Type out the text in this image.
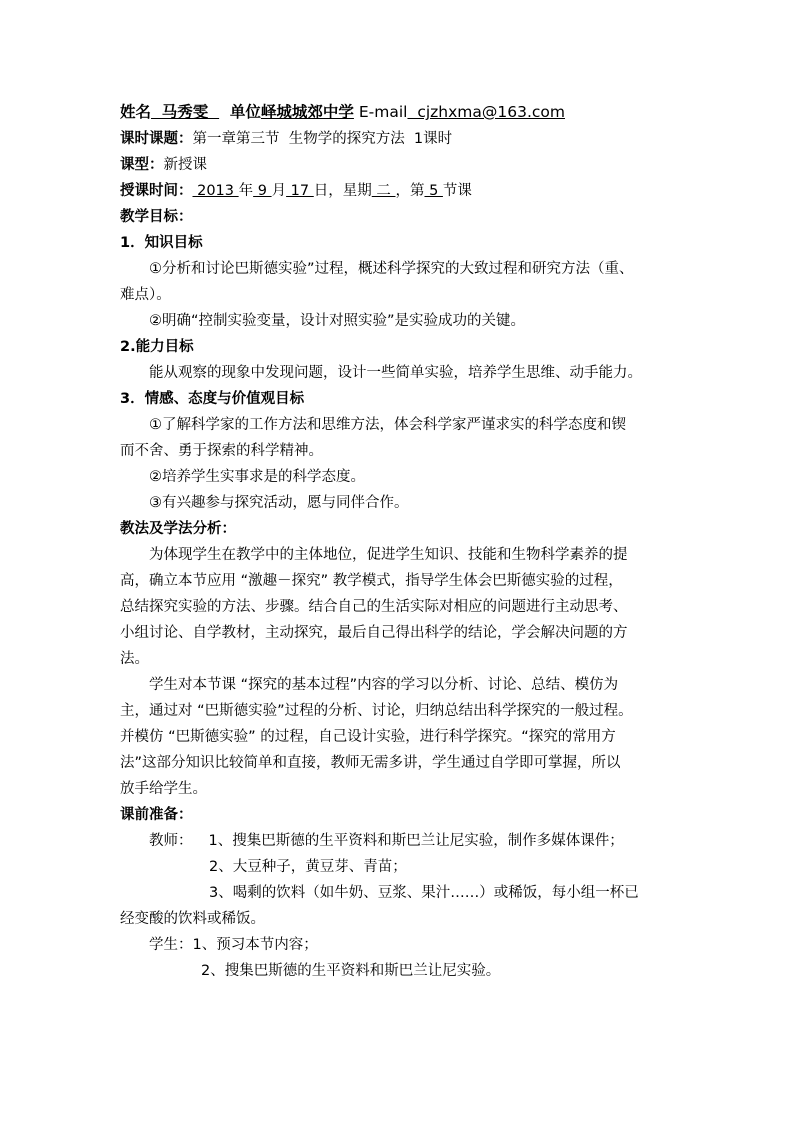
姓名  马秀雯    单位峄城城郊中学 E-mail  cjzhxma@163.com
课时课题：第一章第三节  生物学的探究方法  1课时
课型：新授课
授课时间： 2013 年 9 月 17 日，星期 二 ，第 5 节课
教学目标：
1．知识目标
①分析和讨论巴斯德实验”过程，概述科学探究的大致过程和研究方法（重、
难点）。
②明确“控制实验变量，设计对照实验”是实验成功的关键。
2.能力目标
能从观察的现象中发现问题，设计一些简单实验，培养学生思维、动手能力。
3．情感、态度与价值观目标
①了解科学家的工作方法和思维方法，体会科学家严谨求实的科学态度和锲
而不舍、勇于探索的科学精神。
②培养学生实事求是的科学态度。
③有兴趣参与探究活动，愿与同伴合作。
教法及学法分析：
为体现学生在教学中的主体地位，促进学生知识、技能和生物科学素养的提
高，确立本节应用 “激趣－探究” 教学模式，指导学生体会巴斯德实验的过程，
总结探究实验的方法、步骤。结合自己的生活实际对相应的问题进行主动思考、
小组讨论、自学教材，主动探究，最后自己得出科学的结论，学会解决问题的方
法。
学生对本节课 “探究的基本过程”内容的学习以分析、讨论、总结、模仿为
主，通过对 “巴斯德实验”过程的分析、讨论，归纳总结出科学探究的一般过程。
并模仿 “巴斯德实验” 的过程，自己设计实验，进行科学探究。“探究的常用方
法”这部分知识比较简单和直接，教师无需多讲，学生通过自学即可掌握，所以
放手给学生。
课前准备：
教师： 1、搜集巴斯德的生平资料和斯巴兰让尼实验，制作多媒体课件；
2、大豆种子，黄豆芽、青苗；
3、喝剩的饮料（如牛奶、豆浆、果汁……）或稀饭，每小组一杯已
经变酸的饮料或稀饭。
学生：1、预习本节内容；
2、搜集巴斯德的生平资料和斯巴兰让尼实验。
